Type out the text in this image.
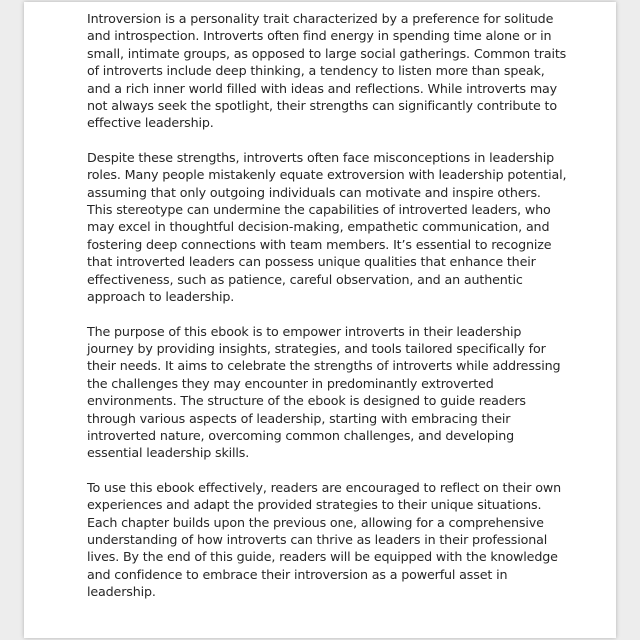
Introversion is a personality trait characterized by a preference for solitude and introspection. Introverts often find energy in spending time alone or in small, intimate groups, as opposed to large social gatherings. Common traits of introverts include deep thinking, a tendency to listen more than speak, and a rich inner world filled with ideas and reflections. While introverts may not always seek the spotlight, their strengths can significantly contribute to effective leadership.

Despite these strengths, introverts often face misconceptions in leadership roles. Many people mistakenly equate extroversion with leadership potential, assuming that only outgoing individuals can motivate and inspire others. This stereotype can undermine the capabilities of introverted leaders, who may excel in thoughtful decision-making, empathetic communication, and fostering deep connections with team members. It’s essential to recognize that introverted leaders can possess unique qualities that enhance their effectiveness, such as patience, careful observation, and an authentic approach to leadership.

The purpose of this ebook is to empower introverts in their leadership journey by providing insights, strategies, and tools tailored specifically for their needs. It aims to celebrate the strengths of introverts while addressing the challenges they may encounter in predominantly extroverted environments. The structure of the ebook is designed to guide readers through various aspects of leadership, starting with embracing their introverted nature, overcoming common challenges, and developing essential leadership skills.

To use this ebook effectively, readers are encouraged to reflect on their own experiences and adapt the provided strategies to their unique situations. Each chapter builds upon the previous one, allowing for a comprehensive understanding of how introverts can thrive as leaders in their professional lives. By the end of this guide, readers will be equipped with the knowledge and confidence to embrace their introversion as a powerful asset in leadership.
